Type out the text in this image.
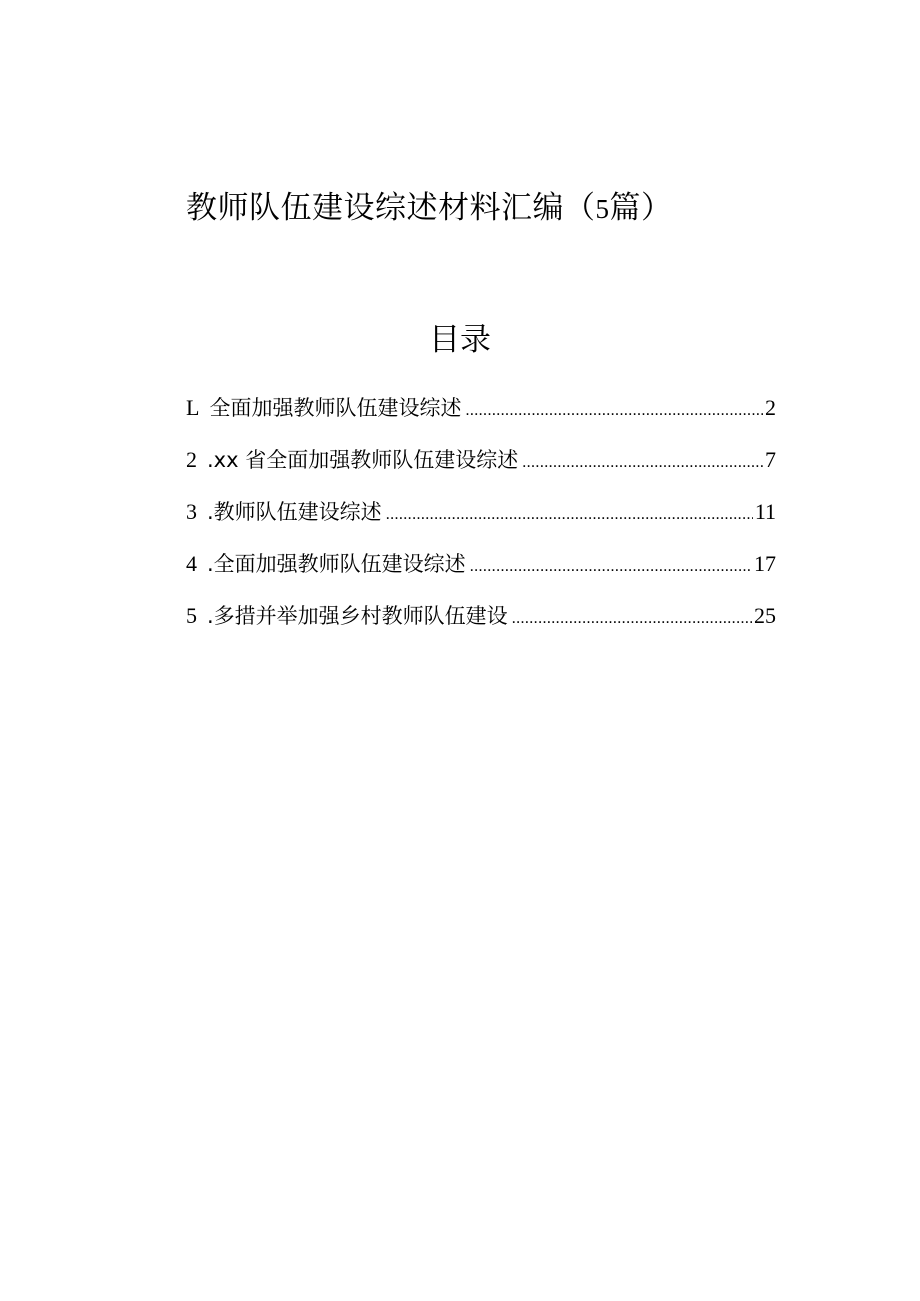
教师队伍建设综述材料汇编（5篇）
目录
L 全面加强教师队伍建设综述 .....	2
2 .xx 省全面加强教师队伍建设综述 .....	7
3 .教师队伍建设综述 .....	11
4 .全面加强教师队伍建设综述 .....	17
5 .多措并举加强乡村教师队伍建设 .....	25
